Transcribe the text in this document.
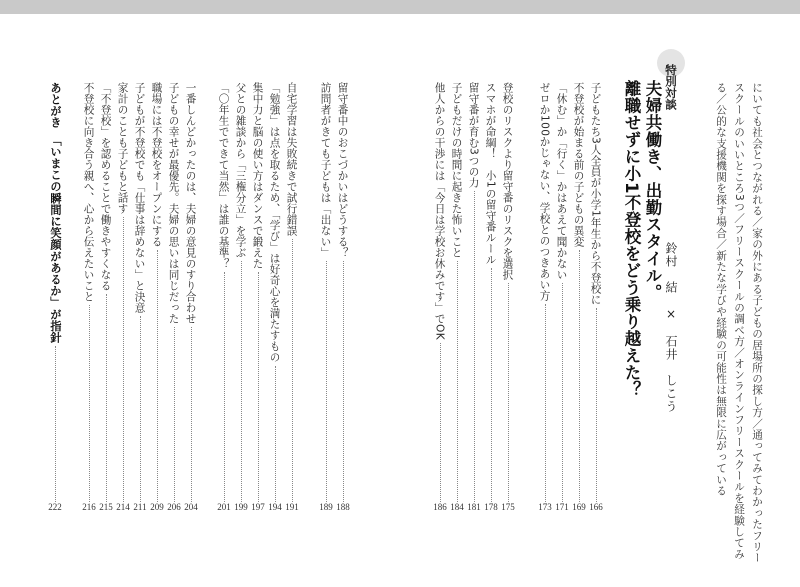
にいても社会とつながれる／家の外にある子どもの居場所の探し方／通ってみてわかったフリー
スクールのいいところ3つ／フリースクールの調べ方／オンラインフリースクールを経験してみ
る／公的な支援機関を探す場合／新たな学びや経験の可能性は無限に広がっている
特別対談
夫婦共働き、出勤スタイル。
離職せずに小1不登校をどう乗り越えた？ 鈴村　結　×　石井　しこう
子どもたち3人全員が小学1年生から不登校に
166
不登校が始まる前の子どもの異変
169
「休む」か「行く」かはあえて聞かない
171
ゼロか100かじゃない、学校とのつきあい方
173
登校のリスクより留守番のリスクを選択
175
スマホが命綱！　小1の留守番ルール
178
留守番が育む3つの力
181
子どもだけの時間に起きた怖いこと
184
他人からの干渉には「今日は学校お休みです」でOK
186
留守番中のおこづかいはどうする？
188
訪問者がきても子どもは「出ない」
189
自宅学習は失敗続きで試行錯誤
191
「勉強」は点を取るため、「学び」は好奇心を満たすもの
194
集中力と脳の使い方はダンスで鍛えた
197
父との雑談から「三権分立」を学ぶ
199
「〇年生でできて当然」は誰の基準？
201
一番しんどかったのは、夫婦の意見のすり合わせ
204
子どもの幸せが最優先。夫婦の思いは同じだった
206
職場には不登校をオープンにする
209
子どもが不登校でも「仕事は辞めない」と決意
211
家計のことも子どもと話す
214
「不登校」を認めることで働きやすくなる
215
不登校に向き合う親へ、心から伝えたいこと
216
あとがき　「いまこの瞬間に笑顔があるか」が指針
222
